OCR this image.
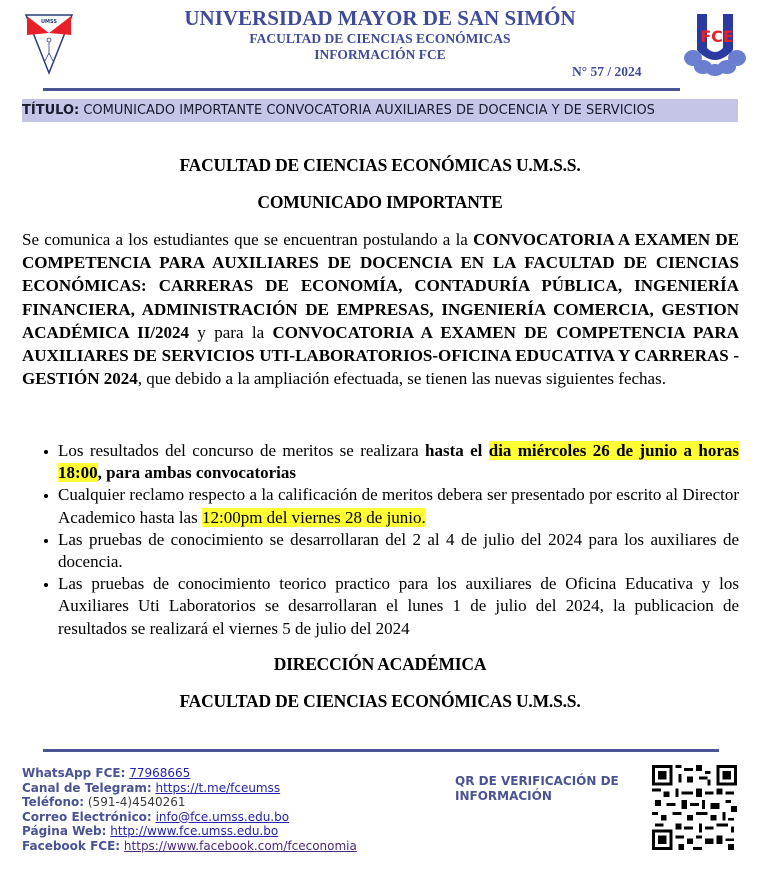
UMSS
FCE
UNIVERSIDAD MAYOR DE SAN SIMÓN
FACULTAD DE CIENCIAS ECONÓMICAS
INFORMACIÓN FCE
N° 57 / 2024
TÍTULO: COMUNICADO IMPORTANTE CONVOCATORIA AUXILIARES DE DOCENCIA Y DE SERVICIOS
FACULTAD DE CIENCIAS ECONÓMICAS U.M.S.S.
COMUNICADO IMPORTANTE
Se comunica a los estudiantes que se encuentran postulando a la CONVOCATORIA A EXAMEN DE COMPETENCIA PARA AUXILIARES DE DOCENCIA EN LA FACULTAD DE CIENCIAS ECONÓMICAS: CARRERAS DE ECONOMÍA, CONTADURÍA PÚBLICA, INGENIERÍA FINANCIERA, ADMINISTRACIÓN DE EMPRESAS, INGENIERÍA COMERCIA, GESTION ACADÉMICA II/2024 y para la CONVOCATORIA A EXAMEN DE COMPETENCIA PARA AUXILIARES DE SERVICIOS UTI-LABORATORIOS-OFICINA EDUCATIVA Y CARRERAS - GESTIÓN 2024, que debido a la ampliación efectuada, se tienen las nuevas siguientes fechas.
Los resultados del concurso de meritos se realizara hasta el dia miércoles 26 de junio a horas 18:00, para ambas convocatorias
Cualquier reclamo respecto a la calificación de meritos debera ser presentado por escrito al Director Academico hasta las 12:00pm del viernes 28 de junio.
Las pruebas de conocimiento se desarrollaran del 2 al 4 de julio del 2024 para los auxiliares de docencia.
Las pruebas de conocimiento teorico practico para los auxiliares de Oficina Educativa y los Auxiliares Uti Laboratorios se desarrollaran el lunes 1 de julio del 2024, la publicacion de resultados se realizará el viernes 5 de julio del 2024
DIRECCIÓN ACADÉMICA
FACULTAD DE CIENCIAS ECONÓMICAS U.M.S.S.
WhatsApp FCE: 77968665
Canal de Telegram: https://t.me/fceumss
Teléfono: (591-4)4540261
Correo Electrónico: info@fce.umss.edu.bo
Página Web: http://www.fce.umss.edu.bo
Facebook FCE: https://www.facebook.com/fceconomia
QR DE VERIFICACIÓN DE INFORMACIÓN
